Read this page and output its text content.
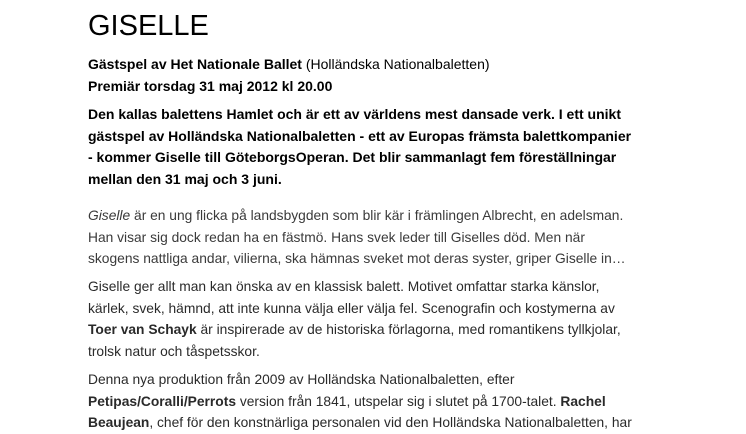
GISELLE
Gästspel av Het Nationale Ballet (Holländska Nationalbaletten)
Premiär torsdag 31 maj 2012 kl 20.00
Den kallas balettens Hamlet och är ett av världens mest dansade verk. I ett unikt
gästspel av Holländska Nationalbaletten - ett av Europas främsta balettkompanier
- kommer Giselle till GöteborgsOperan. Det blir sammanlagt fem föreställningar
mellan den 31 maj och 3 juni.
Giselle är en ung flicka på landsbygden som blir kär i främlingen Albrecht, en adelsman.
Han visar sig dock redan ha en fästmö. Hans svek leder till Giselles död. Men när
skogens nattliga andar, vilierna, ska hämnas sveket mot deras syster, griper Giselle in…
Giselle ger allt man kan önska av en klassisk balett. Motivet omfattar starka känslor,
kärlek, svek, hämnd, att inte kunna välja eller välja fel. Scenografin och kostymerna av
Toer van Schayk är inspirerade av de historiska förlagorna, med romantikens tyllkjolar,
trolsk natur och tåspetsskor.
Denna nya produktion från 2009 av Holländska Nationalbaletten, efter
Petipas/Coralli/Perrots version från 1841, utspelar sig i slutet på 1700-talet. Rachel
Beaujean, chef för den konstnärliga personalen vid den Holländska Nationalbaletten, har
